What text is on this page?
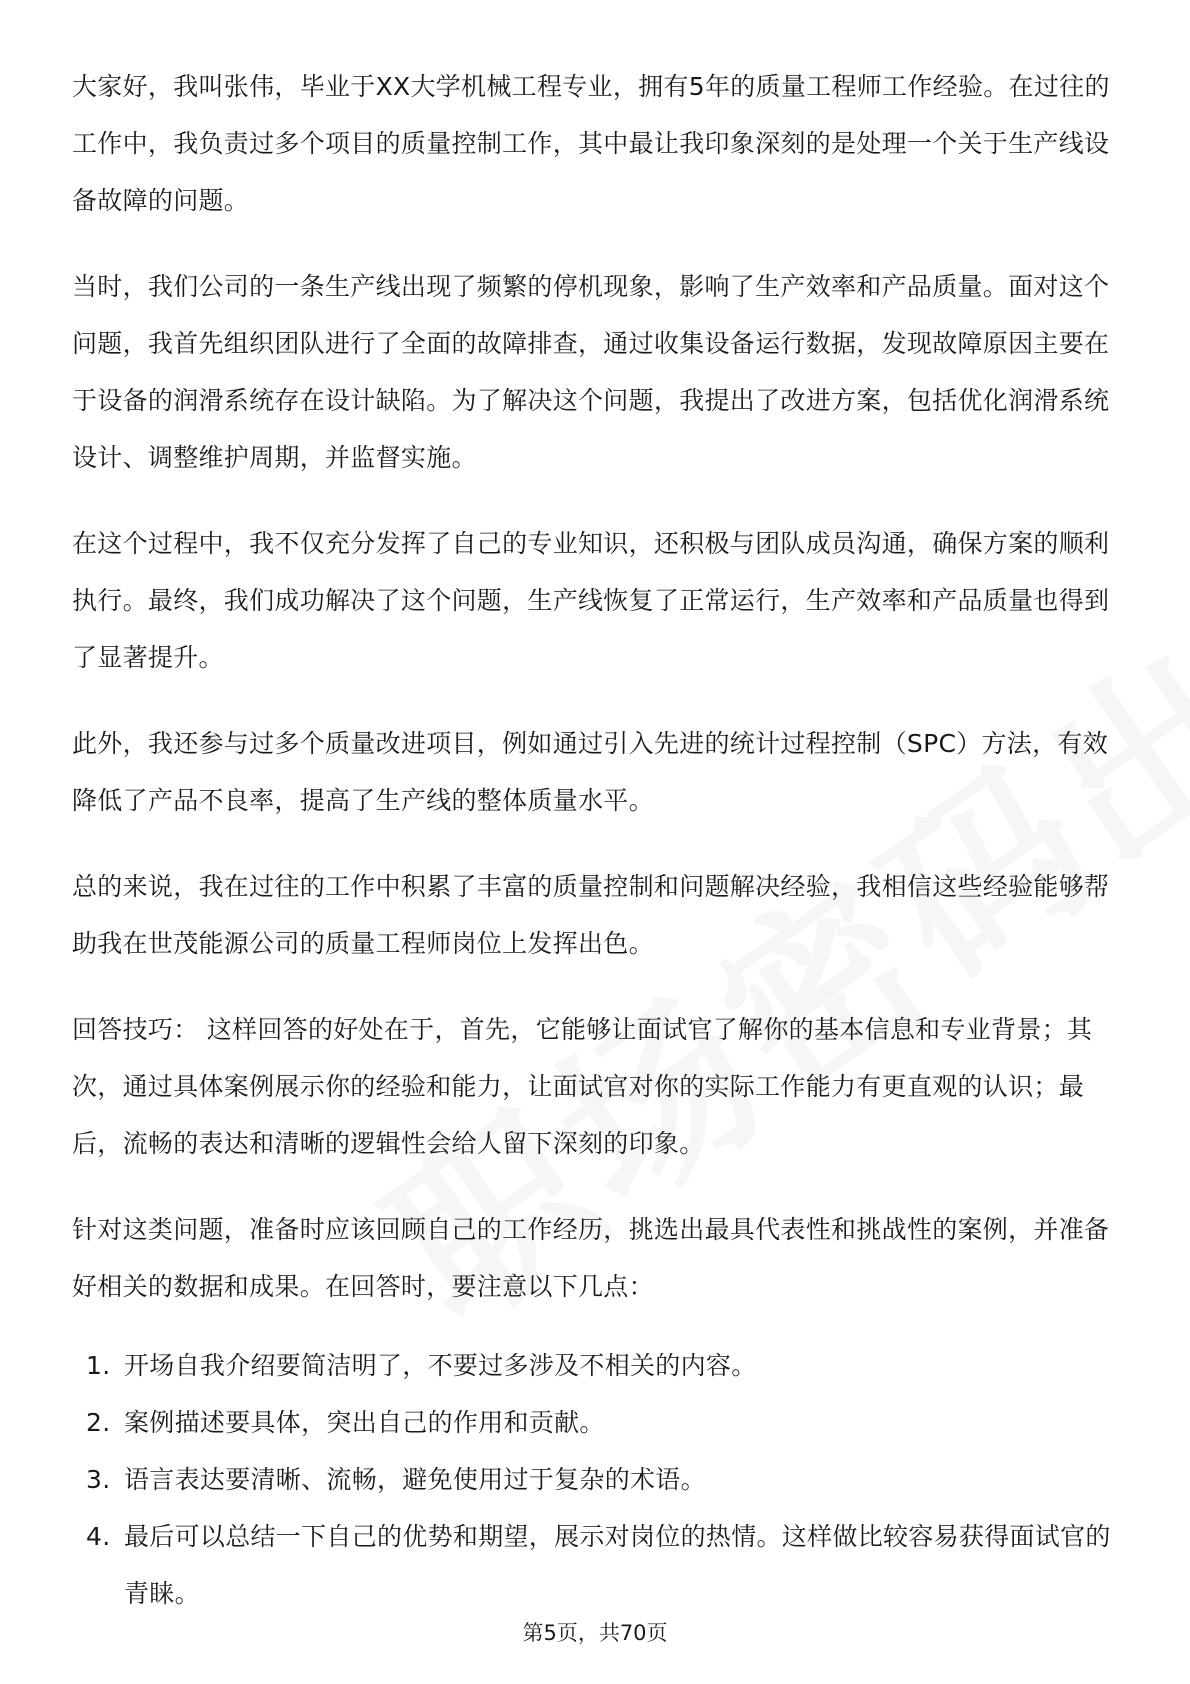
大家好，我叫张伟，毕业于XX大学机械工程专业，拥有5年的质量工程师工作经验。在过往的工作中，我负责过多个项目的质量控制工作，其中最让我印象深刻的是处理一个关于生产线设备故障的问题。

当时，我们公司的一条生产线出现了频繁的停机现象，影响了生产效率和产品质量。面对这个问题，我首先组织团队进行了全面的故障排查，通过收集设备运行数据，发现故障原因主要在于设备的润滑系统存在设计缺陷。为了解决这个问题，我提出了改进方案，包括优化润滑系统设计、调整维护周期，并监督实施。

在这个过程中，我不仅充分发挥了自己的专业知识，还积极与团队成员沟通，确保方案的顺利执行。最终，我们成功解决了这个问题，生产线恢复了正常运行，生产效率和产品质量也得到了显著提升。

此外，我还参与过多个质量改进项目，例如通过引入先进的统计过程控制（SPC）方法，有效降低了产品不良率，提高了生产线的整体质量水平。

总的来说，我在过往的工作中积累了丰富的质量控制和问题解决经验，我相信这些经验能够帮助我在世茂能源公司的质量工程师岗位上发挥出色。

回答技巧： 这样回答的好处在于，首先，它能够让面试官了解你的基本信息和专业背景；其次，通过具体案例展示你的经验和能力，让面试官对你的实际工作能力有更直观的认识；最后，流畅的表达和清晰的逻辑性会给人留下深刻的印象。

针对这类问题，准备时应该回顾自己的工作经历，挑选出最具代表性和挑战性的案例，并准备好相关的数据和成果。在回答时，要注意以下几点：

1. 开场自我介绍要简洁明了，不要过多涉及不相关的内容。
2. 案例描述要具体，突出自己的作用和贡献。
3. 语言表达要清晰、流畅，避免使用过于复杂的术语。
4. 最后可以总结一下自己的优势和期望，展示对岗位的热情。这样做比较容易获得面试官的青睐。
第5页，共70页
